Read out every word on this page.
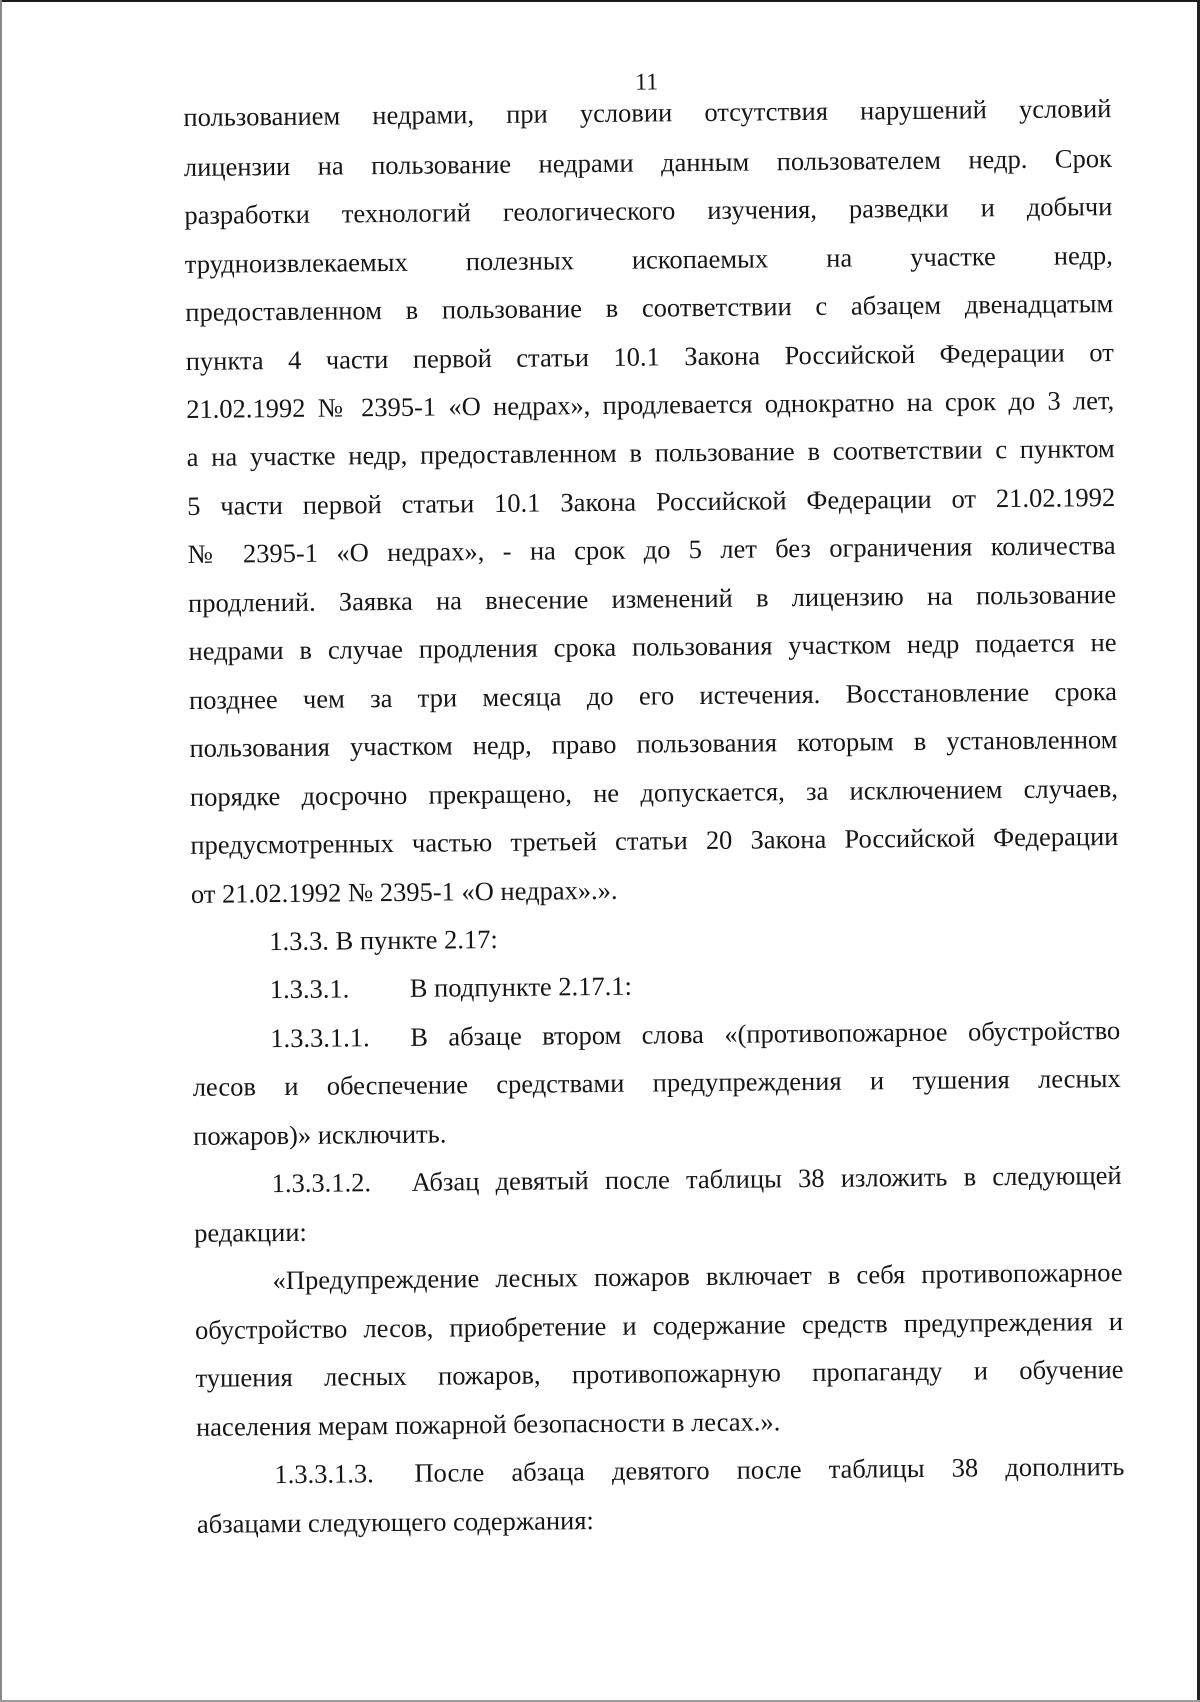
11
пользованием недрами, при условии отсутствия нарушений условий
лицензии на пользование недрами данным пользователем недр. Срок
разработки технологий геологического изучения, разведки и добычи
трудноизвлекаемых полезных ископаемых на участке недр,
предоставленном в пользование в соответствии с абзацем двенадцатым
пункта 4 части первой статьи 10.1 Закона Российской Федерации от
21.02.1992 № 2395-1 «О недрах», продлевается однократно на срок до 3 лет,
а на участке недр, предоставленном в пользование в соответствии с пунктом
5 части первой статьи 10.1 Закона Российской Федерации от 21.02.1992
№ 2395-1 «О недрах», - на срок до 5 лет без ограничения количества
продлений. Заявка на внесение изменений в лицензию на пользование
недрами в случае продления срока пользования участком недр подается не
позднее чем за три месяца до его истечения. Восстановление срока
пользования участком недр, право пользования которым в установленном
порядке досрочно прекращено, не допускается, за исключением случаев,
предусмотренных частью третьей статьи 20 Закона Российской Федерации
от 21.02.1992 № 2395-1 «О недрах».».
1.3.3. В пункте 2.17:
1.3.3.1. В подпункте 2.17.1:
1.3.3.1.1. В абзаце втором слова «(противопожарное обустройство
лесов и обеспечение средствами предупреждения и тушения лесных
пожаров)» исключить.
1.3.3.1.2. Абзац девятый после таблицы 38 изложить в следующей
редакции:
«Предупреждение лесных пожаров включает в себя противопожарное
обустройство лесов, приобретение и содержание средств предупреждения и
тушения лесных пожаров, противопожарную пропаганду и обучение
населения мерам пожарной безопасности в лесах.».
1.3.3.1.3. После абзаца девятого после таблицы 38 дополнить
абзацами следующего содержания:
